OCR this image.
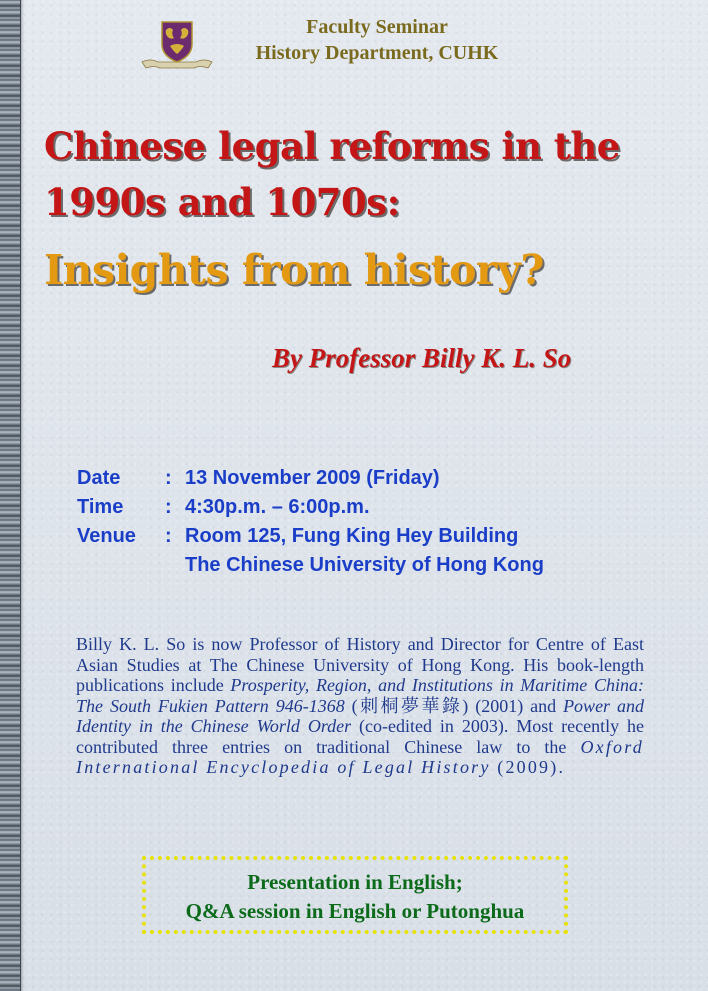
Faculty Seminar
History Department, CUHK
Chinese legal reforms in the
1990s and 1070s:
Insights from history?
By Professor Billy K. L. So
Date	: 13 November 2009 (Friday)
Time	: 4:30p.m. – 6:00p.m.
Venue	: Room 125, Fung King Hey Building
The Chinese University of Hong Kong
Billy K. L. So is now Professor of History and Director for Centre of East Asian Studies at The Chinese University of Hong Kong. His book-length publications include Prosperity, Region, and Institutions in Maritime China: The South Fukien Pattern 946-1368 (刺桐夢華錄) (2001) and Power and Identity in the Chinese World Order (co-edited in 2003). Most recently he contributed three entries on traditional Chinese law to the Oxford International Encyclopedia of Legal History (2009).
Presentation in English;
Q&A session in English or Putonghua
